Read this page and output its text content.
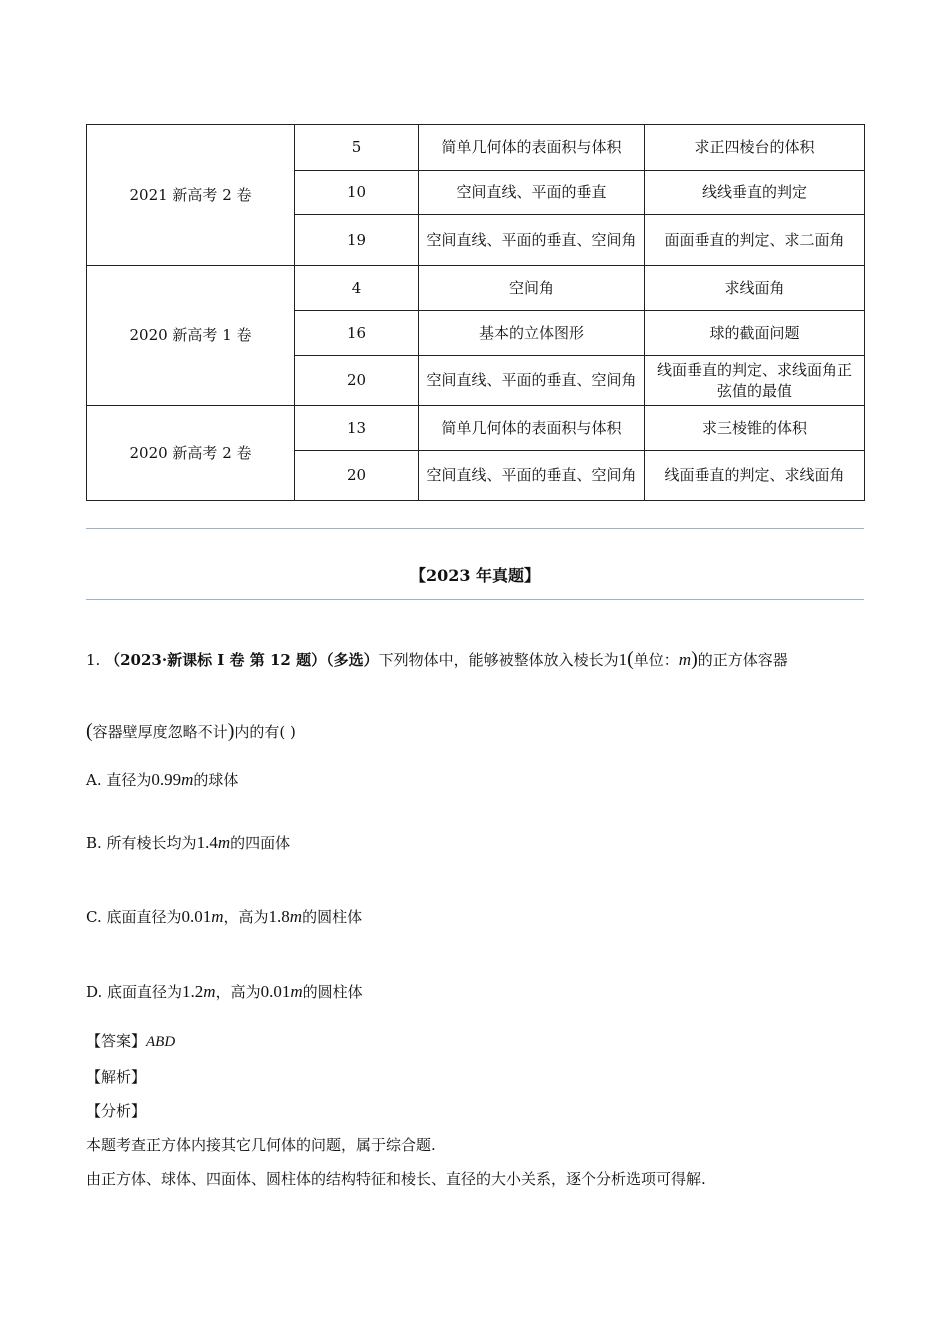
2021 新高考 2 卷	5	简单几何体的表面积与体积	求正四棱台的体积
	10	空间直线、平面的垂直	线线垂直的判定
	19	空间直线、平面的垂直、空间角	面面垂直的判定、求二面角
2020 新高考 1 卷	4	空间角	求线面角
	16	基本的立体图形	球的截面问题
	20	空间直线、平面的垂直、空间角	线面垂直的判定、求线面角正弦值的最值
2020 新高考 2 卷	13	简单几何体的表面积与体积	求三棱锥的体积
	20	空间直线、平面的垂直、空间角	线面垂直的判定、求线面角
【2023 年真题】
1. （2023·新课标 I 卷 第 12 题）（多选）下列物体中，能够被整体放入棱长为1(单位：m)的正方体容器
(容器壁厚度忽略不计)内的有( )
A. 直径为0.99m的球体
B. 所有棱长均为1.4m的四面体
C. 底面直径为0.01m，高为1.8m的圆柱体
D. 底面直径为1.2m，高为0.01m的圆柱体
【答案】ABD
【解析】
【分析】
本题考查正方体内接其它几何体的问题，属于综合题.
由正方体、球体、四面体、圆柱体的结构特征和棱长、直径的大小关系，逐个分析选项可得解.
